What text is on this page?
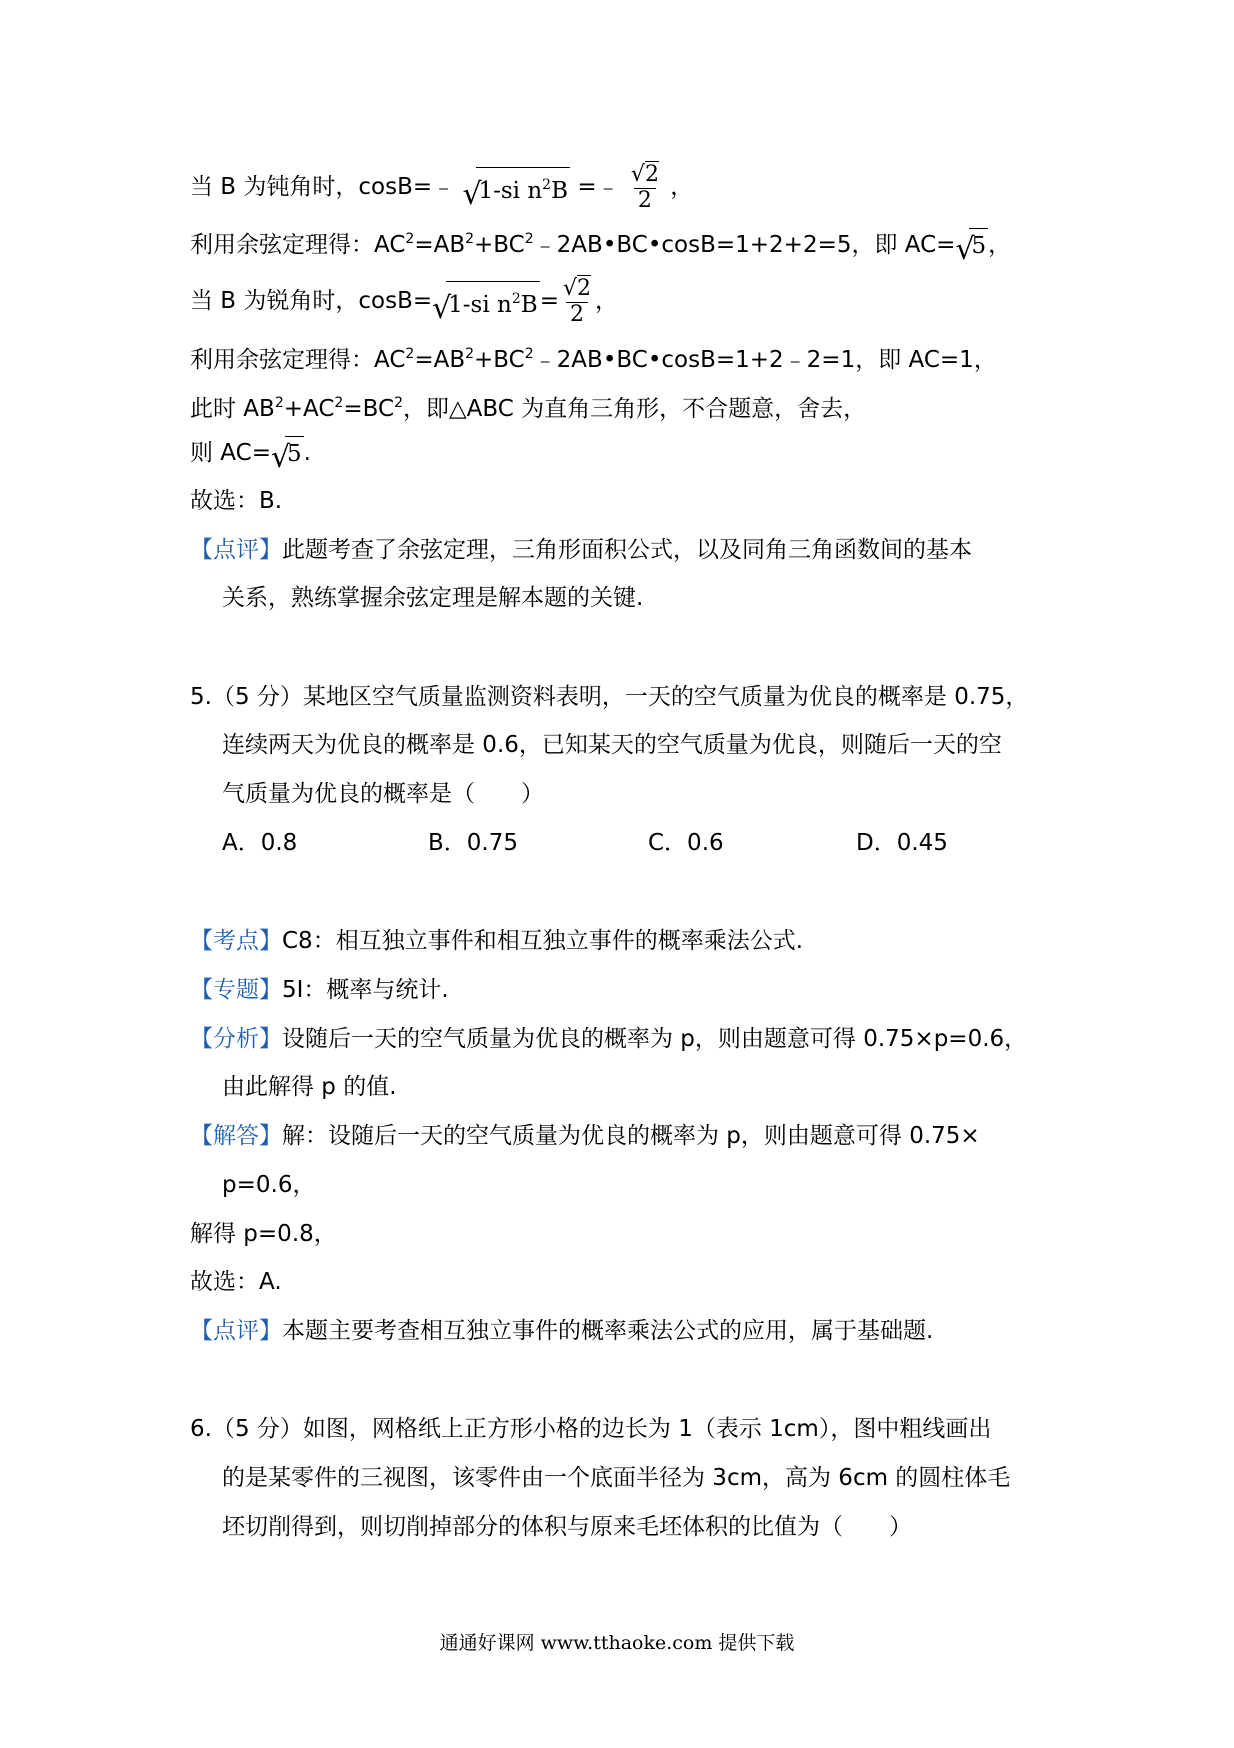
当 B 为钝角时，cosB=﹣ √
1-si $n^2B$ =﹣ $\frac{√2}{2}$ ，
利用余弦定理得：$AC^2=AB^2+BC^2﹣2AB•BC•\cos B=1+2+2=5$，即 AC= √
5，
当 B 为锐角时，cosB= √
1-si $n^2B= \frac{√2}{2}$ ，
利用余弦定理得：$AC^2=AB^2+BC^2﹣2AB•BC•\cos B=1+2﹣2=1$，即 AC=1，
此时 $AB^2+AC^2=BC^2$，即△ABC 为直角三角形，不合题意，舍去，
则 AC= √
5.
故选：B.
【点评】此题考查了余弦定理，三角形面积公式，以及同角三角函数间的基本
关系，熟练掌握余弦定理是解本题的关键.
5.（5 分）某地区空气质量监测资料表明，一天的空气质量为优良的概率是 0.75，
连续两天为优良的概率是 0.6，已知某天的空气质量为优良，则随后一天的空
气质量为优良的概率是（　　）
A．0.8	B．0.75	C．0.6	D．0.45
【考点】C8：相互独立事件和相互独立事件的概率乘法公式.
【专题】5I：概率与统计.
【分析】设随后一天的空气质量为优良的概率为 p，则由题意可得 0.75×p=0.6，
由此解得 p 的值.
【解答】解：设随后一天的空气质量为优良的概率为 p，则由题意可得 0.75×
p=0.6，
解得 p=0.8，
故选：A.
【点评】本题主要考查相互独立事件的概率乘法公式的应用，属于基础题.
6.（5 分）如图，网格纸上正方形小格的边长为 1（表示 1cm），图中粗线画出
的是某零件的三视图，该零件由一个底面半径为 3cm，高为 6cm 的圆柱体毛
坯切削得到，则切削掉部分的体积与原来毛坯体积的比值为（　　）
通通好课网 www.tthaoke.com 提供下载
